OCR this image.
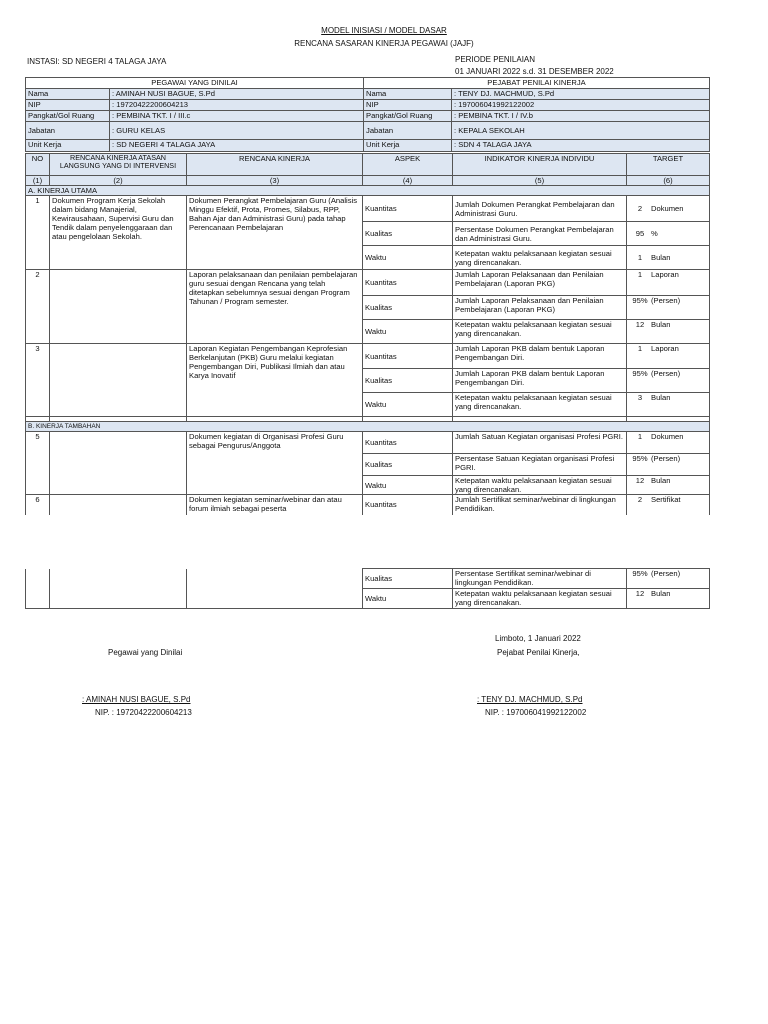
MODEL INISIASI / MODEL DASAR
RENCANA SASARAN KINERJA PEGAWAI (JAJF)
INSTASI: SD NEGERI 4 TALAGA JAYA	PERIODE PENILAIAN
01 JANUARI 2022 s.d. 31 DESEMBER 2022
PEGAWAI YANG DINILAI		PEJABAT PENILAI KINERJA	
Nama	: AMINAH NUSI BAGUE, S.Pd	Nama	: TENY DJ. MACHMUD, S.Pd
NIP	: 19720422200604213	NIP	: 197006041992122002
Pangkat/Gol Ruang	: PEMBINA TKT. I / III.c	Pangkat/Gol Ruang	: PEMBINA TKT. I / IV.b
Jabatan	: GURU KELAS	Jabatan	: KEPALA SEKOLAH
Unit Kerja	: SD NEGERI 4 TALAGA JAYA	Unit Kerja	: SDN 4 TALAGA JAYA
NO	RENCANA KINERJA ATASAN LANGSUNG YANG DI INTERVENSI	RENCANA KINERJA	ASPEK	INDIKATOR KINERJA INDIVIDU	TARGET
(1)	(2)	(3)	(4)	(5)	(6)
A. KINERJA UTAMA					
1	Dokumen Program Kerja Sekolah dalam bidang Manajerial, Kewirausahaan, Supervisi Guru dan Tendik dalam penyelenggaraan dan atau pengelolaan Sekolah.	Dokumen Perangkat Pembelajaran Guru (Analisis Minggu Efektif, Prota, Promes, Silabus, RPP, Bahan Ajar dan Administrasi Guru) pada tahap Perencanaan Pembelajaran	Kuantitas	Jumlah Dokumen Perangkat Pembelajaran dan Administrasi Guru.	2 Dokumen
			Kualitas	Persentase Dokumen Perangkat Pembelajaran dan Administrasi Guru.	95 %
			Waktu	Ketepatan waktu pelaksanaan kegiatan sesuai yang direncanakan.	1 Bulan
2		Laporan pelaksanaan dan penilaian pembelajaran guru sesuai dengan Rencana yang telah ditetapkan sebelumnya sesuai dengan Program Tahunan / Program semester.	Kuantitas	Jumlah Laporan Pelaksanaan dan Penilaian Pembelajaran (Laporan PKG)	1 Laporan
			Kualitas	Jumlah Laporan Pelaksanaan dan Penilaian Pembelajaran (Laporan PKG)	95% (Persen)
			Waktu	Ketepatan waktu pelaksanaan kegiatan sesuai yang direncanakan.	12 Bulan
3		Laporan Kegiatan Pengembangan Keprofesian Berkelanjutan (PKB) Guru melalui kegiatan Pengembangan Diri, Publikasi Ilmiah dan atau Karya Inovatif	Kuantitas	Jumlah Laporan PKB dalam bentuk Laporan Pengembangan Diri.	1 Laporan
			Kualitas	Jumlah Laporan PKB dalam bentuk Laporan Pengembangan Diri.	95% (Persen)
			Waktu	Ketepatan waktu pelaksanaan kegiatan sesuai yang direncanakan.	3 Bulan

B. KINERJA TAMBAHAN					
5		Dokumen kegiatan di Organisasi Profesi Guru sebagai Pengurus/Anggota	Kuantitas	Jumlah Satuan Kegiatan organisasi Profesi PGRI.	1 Dokumen
			Kualitas	Persentase Satuan Kegiatan organisasi Profesi PGRI.	95% (Persen)
			Waktu	Ketepatan waktu pelaksanaan kegiatan sesuai yang direncanakan.	12 Bulan
6		Dokumen kegiatan seminar/webinar dan atau forum ilmiah sebagai peserta	Kuantitas	Jumlah Sertifikat seminar/webinar di lingkungan Pendidikan.	2 Sertifikat
			Kualitas	Persentase Sertifikat seminar/webinar di lingkungan Pendidikan.	95% (Persen)
			Waktu	Ketepatan waktu pelaksanaan kegiatan sesuai yang direncanakan.	12 Bulan
Limboto, 1 Januari 2022
Pegawai yang Dinilai	Pejabat Penilai Kinerja,
: AMINAH NUSI BAGUE, S.Pd
NIP. : 19720422200604213
: TENY DJ. MACHMUD, S.Pd
NIP. : 197006041992122002
